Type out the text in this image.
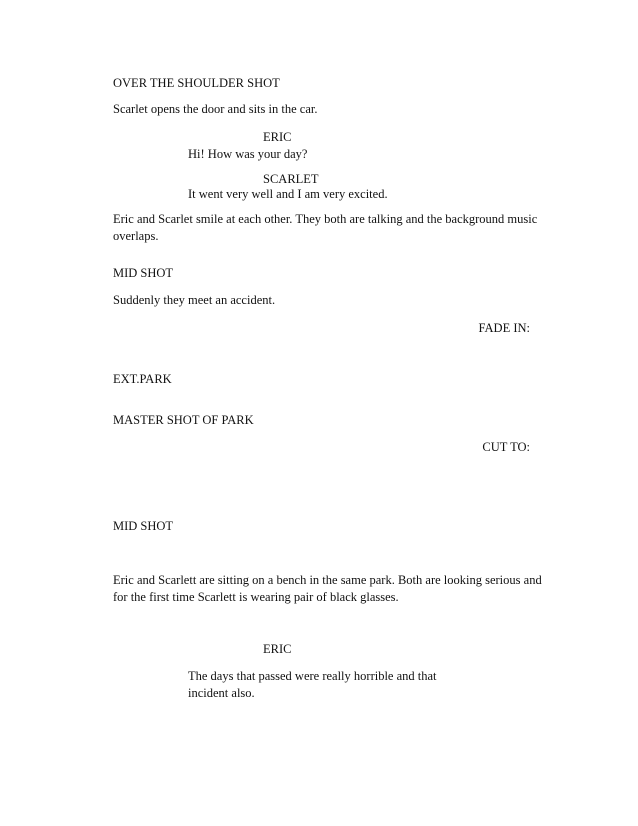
OVER THE SHOULDER SHOT
Scarlet opens the door and sits in the car.
ERIC
Hi! How was your day?
SCARLET
It went very well and I am very excited.
Eric and Scarlet smile at each other. They both are talking and the background music overlaps.
MID SHOT
Suddenly they meet an accident.
FADE IN:
EXT.PARK
MASTER SHOT OF PARK
CUT TO:
MID SHOT
Eric and Scarlett are sitting on a bench in the same park. Both are looking serious and for the first time Scarlett is wearing pair of black glasses.
ERIC
The days that passed were really horrible and that incident also.
